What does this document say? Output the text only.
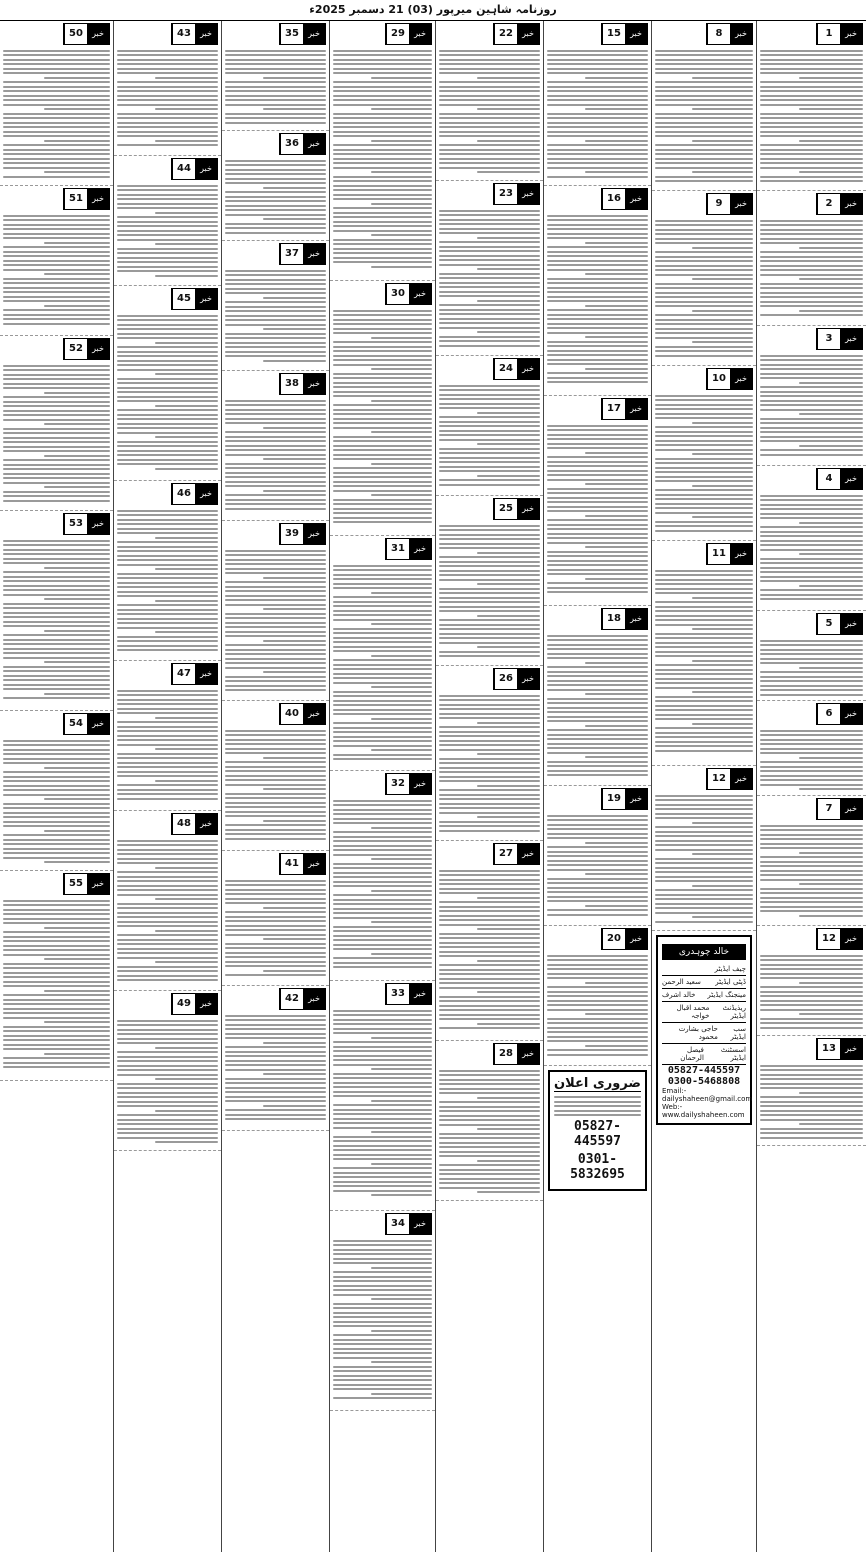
روزنامہ شاہین میرپور (03) 21 دسمبر 2025ء
خبر
1
خبر
2
خبر
3
خبر
4
خبر
5
خبر
6
خبر
7
خبر
12
خبر
13
خبر
8
خبر
9
خبر
10
خبر
11
خبر
12
خالد چوہدری
چیف ایڈیٹر
ڈپٹی ایڈیٹر
سعید الرحمن
مینجنگ ایڈیٹر
خالد اشرف
ریذیڈنٹ ایڈیٹر
محمد اقبال خواجہ
سب ایڈیٹر
حاجی بشارت محمود
اسسٹنٹ ایڈیٹر
فیصل الرحمان
05827-445597
0300-5468808
Email:- dailyshaheen@gmail.com
Web:-www.dailyshaheen.com
خبر
15
خبر
16
خبر
17
خبر
18
خبر
19
خبر
20
ضروری اعلان
05827-445597
0301-5832695
خبر
22
خبر
23
خبر
24
خبر
25
خبر
26
خبر
27
خبر
28
خبر
29
خبر
30
خبر
31
خبر
32
خبر
33
خبر
34
خبر
35
خبر
36
خبر
37
خبر
38
خبر
39
خبر
40
خبر
41
خبر
42
خبر
43
خبر
44
خبر
45
خبر
46
خبر
47
خبر
48
خبر
49
خبر
50
خبر
51
خبر
52
خبر
53
خبر
54
خبر
55
